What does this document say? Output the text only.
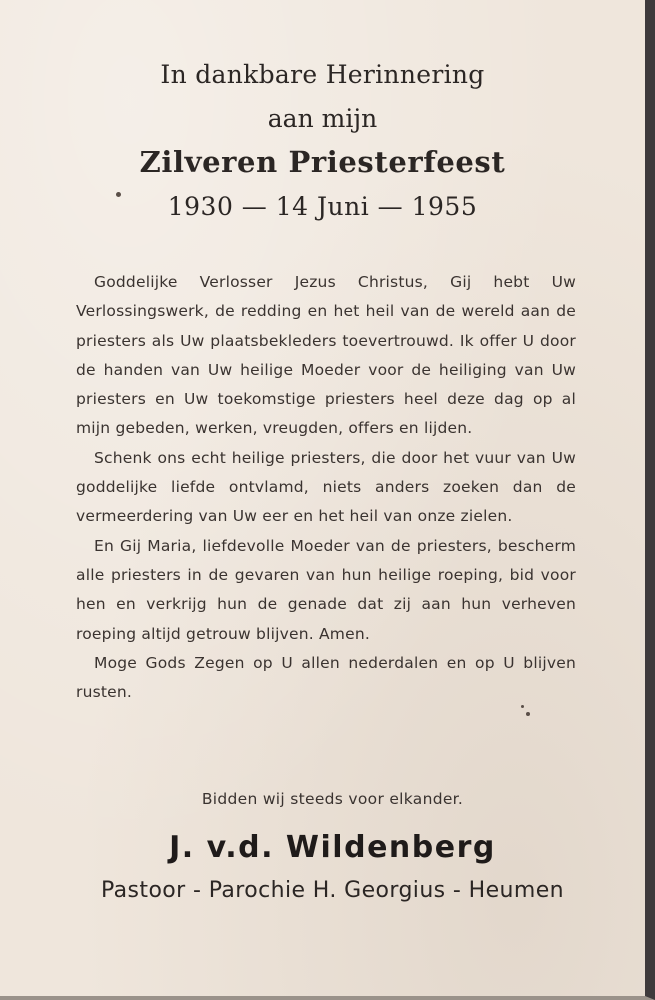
In dankbare Herinnering
aan mijn
Zilveren Priesterfeest
1930 — 14 Juni — 1955

Goddelijke Verlosser Jezus Christus, Gij hebt Uw Verlossingswerk, de redding en het heil van de wereld aan de priesters als Uw plaatsbekleders toevertrouwd. Ik offer U door de handen van Uw heilige Moeder voor de heiliging van Uw priesters en Uw toekomstige priesters heel deze dag op al mijn gebeden, werken, vreugden, offers en lijden.

Schenk ons echt heilige priesters, die door het vuur van Uw goddelijke liefde ontvlamd, niets anders zoeken dan de vermeerdering van Uw eer en het heil van onze zielen.

En Gij Maria, liefdevolle Moeder van de priesters, bescherm alle priesters in de gevaren van hun heilige roeping, bid voor hen en verkrijg hun de genade dat zij aan hun verheven roeping altijd getrouw blijven. Amen.

Moge Gods Zegen op U allen nederdalen en op U blijven rusten.

Bidden wij steeds voor elkander.
J. v.d. Wildenberg
Pastoor - Parochie H. Georgius - Heumen
